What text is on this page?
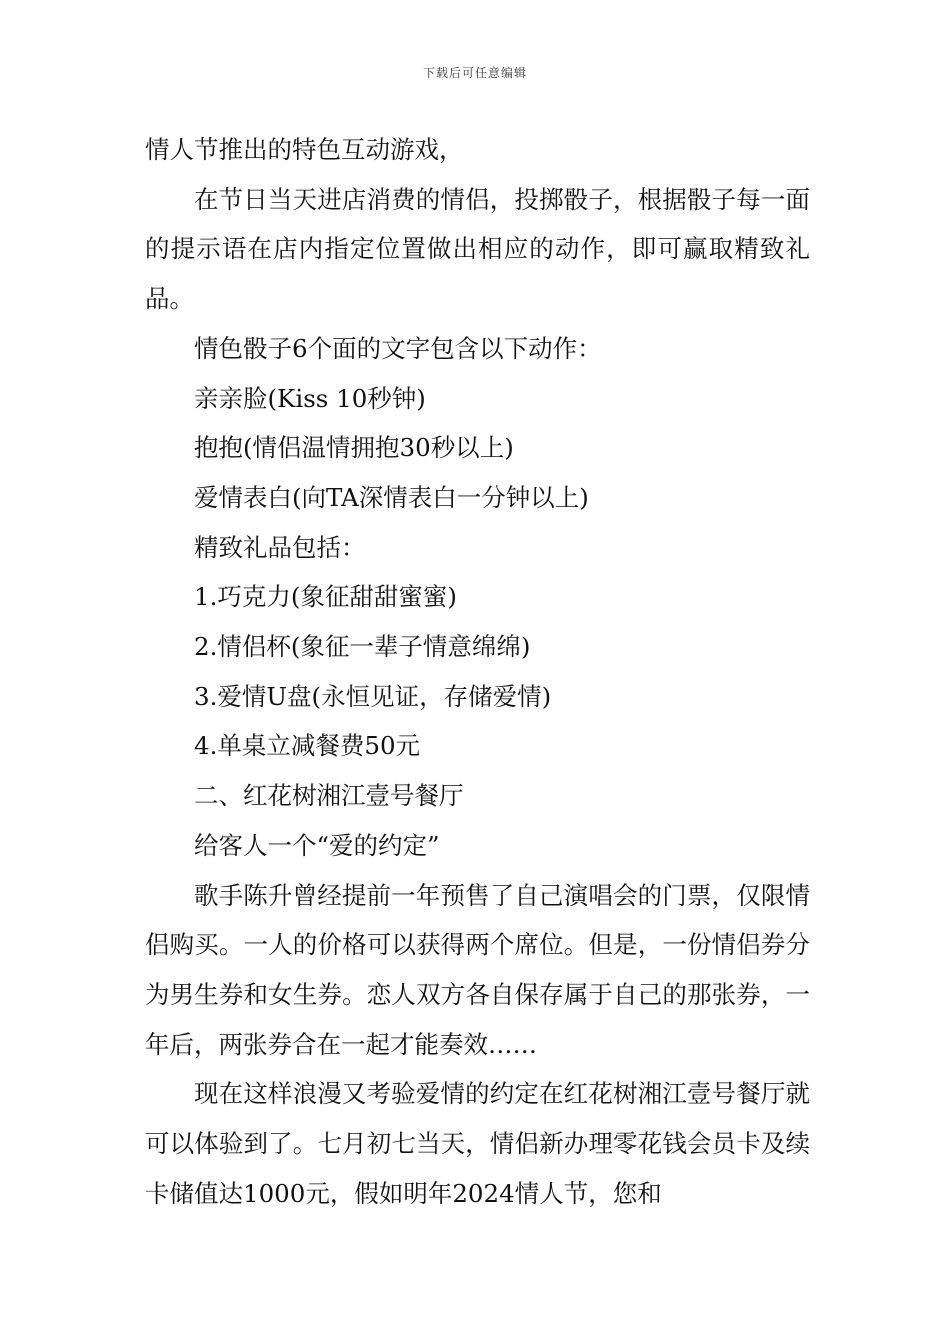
下载后可任意编辑

情人节推出的特色互动游戏，

在节日当天进店消费的情侣，投掷骰子，根据骰子每一面的提示语在店内指定位置做出相应的动作，即可赢取精致礼品。

情色骰子6个面的文字包含以下动作：

亲亲脸(Kiss 10秒钟)

抱抱(情侣温情拥抱30秒以上)

爱情表白(向TA深情表白一分钟以上)

精致礼品包括：

1.巧克力(象征甜甜蜜蜜)

2.情侣杯(象征一辈子情意绵绵)

3.爱情U盘(永恒见证，存储爱情)

4.单桌立减餐费50元

二、红花树湘江壹号餐厅

给客人一个“爱的约定”

歌手陈升曾经提前一年预售了自己演唱会的门票，仅限情侣购买。一人的价格可以获得两个席位。但是，一份情侣券分为男生券和女生券。恋人双方各自保存属于自己的那张券，一年后，两张券合在一起才能奏效……

现在这样浪漫又考验爱情的约定在红花树湘江壹号餐厅就可以体验到了。七月初七当天，情侣新办理零花钱会员卡及续卡储值达1000元，假如明年2024情人节，您和
